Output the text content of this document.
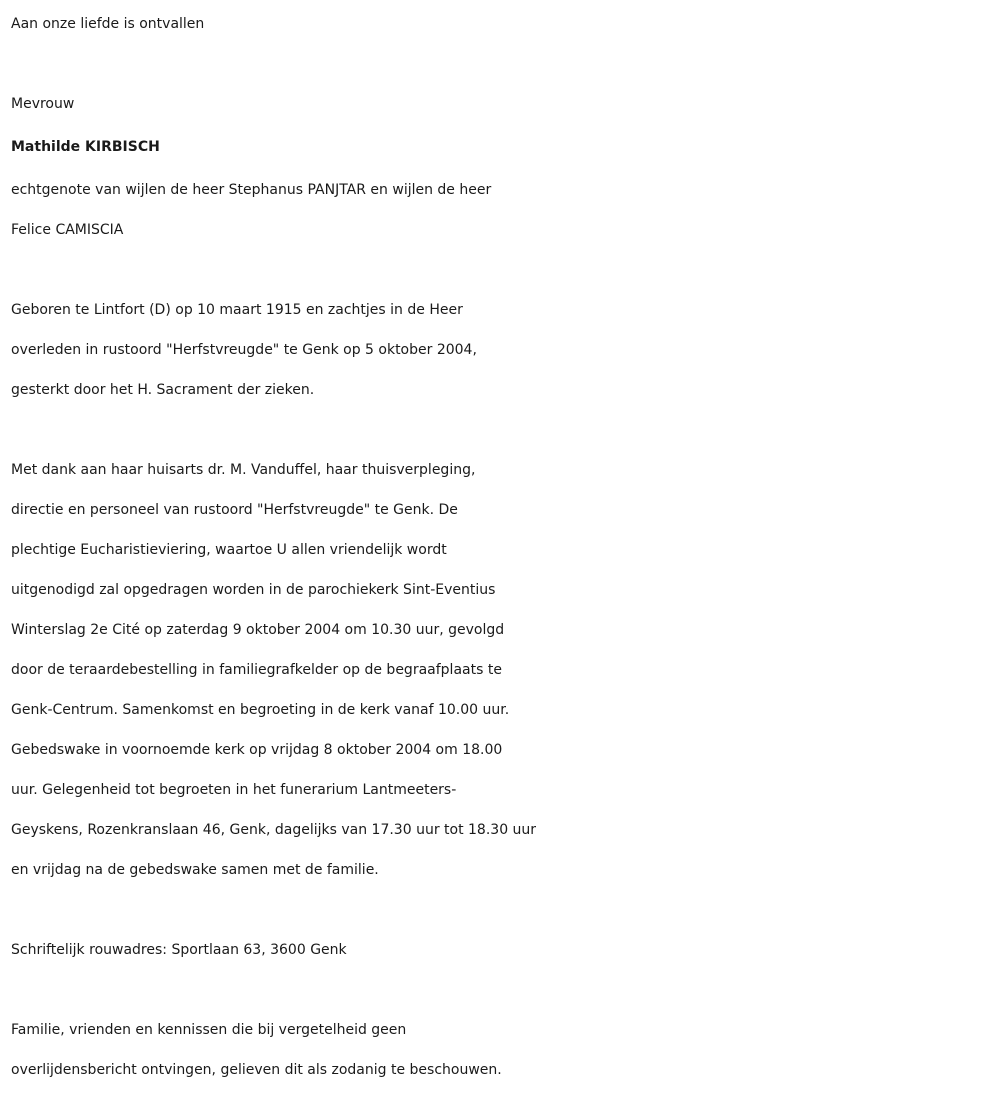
Aan onze liefde is ontvallen

Mevrouw

Mathilde KIRBISCH

echtgenote van wijlen de heer Stephanus PANJTAR en wijlen de heer

Felice CAMISCIA

Geboren te Lintfort (D) op 10 maart 1915 en zachtjes in de Heer

overleden in rustoord "Herfstvreugde" te Genk op 5 oktober 2004,

gesterkt door het H. Sacrament der zieken.

Met dank aan haar huisarts dr. M. Vanduffel, haar thuisverpleging,

directie en personeel van rustoord "Herfstvreugde" te Genk. De

plechtige Eucharistieviering, waartoe U allen vriendelijk wordt

uitgenodigd zal opgedragen worden in de parochiekerk Sint-Eventius

Winterslag 2e Cité op zaterdag 9 oktober 2004 om 10.30 uur, gevolgd

door de teraardebestelling in familiegrafkelder op de begraafplaats te

Genk-Centrum. Samenkomst en begroeting in de kerk vanaf 10.00 uur.

Gebedswake in voornoemde kerk op vrijdag 8 oktober 2004 om 18.00

uur. Gelegenheid tot begroeten in het funerarium Lantmeeters-

Geyskens, Rozenkranslaan 46, Genk, dagelijks van 17.30 uur tot 18.30 uur

en vrijdag na de gebedswake samen met de familie.

Schriftelijk rouwadres: Sportlaan 63, 3600 Genk

Familie, vrienden en kennissen die bij vergetelheid geen

overlijdensbericht ontvingen, gelieven dit als zodanig te beschouwen.
